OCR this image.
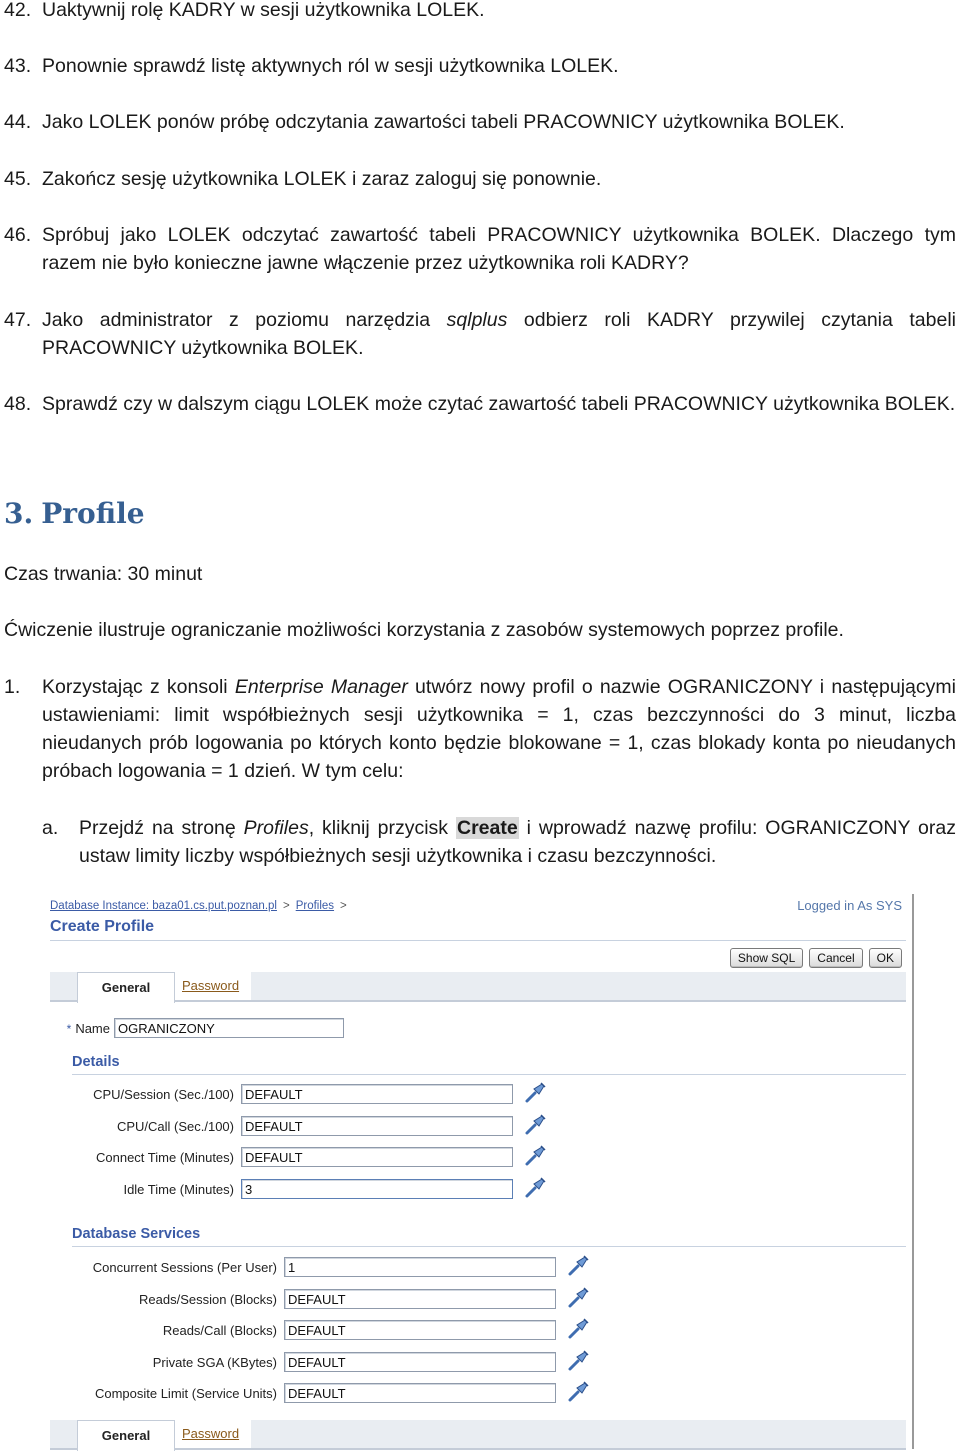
42. Uaktywnij rolę KADRY w sesji użytkownika LOLEK.
43. Ponownie sprawdź listę aktywnych ról w sesji użytkownika LOLEK.
44. Jako LOLEK ponów próbę odczytania zawartości tabeli PRACOWNICY użytkownika BOLEK.
45. Zakończ sesję użytkownika LOLEK i zaraz zaloguj się ponownie.
46. Spróbuj jako LOLEK odczytać zawartość tabeli PRACOWNICY użytkownika BOLEK. Dlaczego tym razem nie było konieczne jawne włączenie przez użytkownika roli KADRY?
47. Jako administrator z poziomu narzędzia sqlplus odbierz roli KADRY przywilej czytania tabeli PRACOWNICY użytkownika BOLEK.
48. Sprawdź czy w dalszym ciągu LOLEK może czytać zawartość tabeli PRACOWNICY użytkownika BOLEK.
3. Profile
Czas trwania: 30 minut
Ćwiczenie ilustruje ograniczanie możliwości korzystania z zasobów systemowych poprzez profile.
1. Korzystając z konsoli Enterprise Manager utwórz nowy profil o nazwie OGRANICZONY i następującymi ustawieniami: limit współbieżnych sesji użytkownika = 1, czas bezczynności do 3 minut, liczba nieudanych prób logowania po których konto będzie blokowane = 1, czas blokady konta po nieudanych próbach logowania = 1 dzień. W tym celu:
a. Przejdź na stronę Profiles, kliknij przycisk Create i wprowadź nazwę profilu: OGRANICZONY oraz ustaw limity liczby współbieżnych sesji użytkownika i czasu bezczynności.
Database Instance: baza01.cs.put.poznan.pl > Profiles >	Logged in As SYS
Create Profile
Show SQL	Cancel	OK
General	Password
* Name OGRANICZONY
Details
CPU/Session (Sec./100) DEFAULT
CPU/Call (Sec./100) DEFAULT
Connect Time (Minutes) DEFAULT
Idle Time (Minutes) 3
Database Services
Concurrent Sessions (Per User) 1
Reads/Session (Blocks) DEFAULT
Reads/Call (Blocks) DEFAULT
Private SGA (KBytes) DEFAULT
Composite Limit (Service Units) DEFAULT
General	Password
